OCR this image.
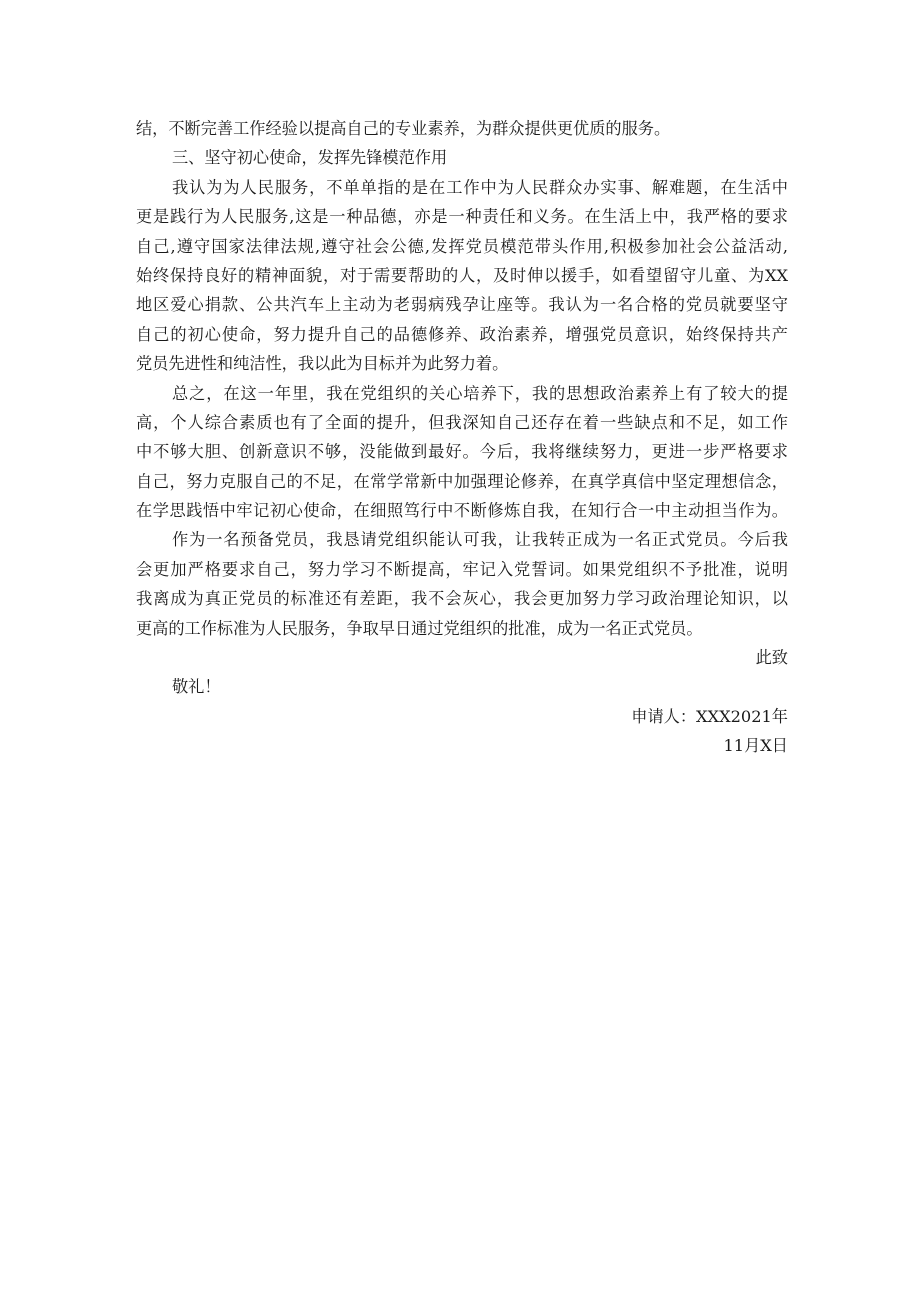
结，不断完善工作经验以提高自己的专业素养，为群众提供更优质的服务。
三、坚守初心使命，发挥先锋模范作用
我认为为人民服务，不单单指的是在工作中为人民群众办实事、解难题，在生活中
更是践行为人民服务,这是一种品德，亦是一种责任和义务。在生活上中，我严格的要求
自己,遵守国家法律法规,遵守社会公德,发挥党员模范带头作用,积极参加社会公益活动,
始终保持良好的精神面貌，对于需要帮助的人，及时伸以援手，如看望留守儿童、为XX
地区爱心捐款、公共汽车上主动为老弱病残孕让座等。我认为一名合格的党员就要坚守
自己的初心使命，努力提升自己的品德修养、政治素养，增强党员意识，始终保持共产
党员先进性和纯洁性，我以此为目标并为此努力着。
总之，在这一年里，我在党组织的关心培养下，我的思想政治素养上有了较大的提
高，个人综合素质也有了全面的提升，但我深知自己还存在着一些缺点和不足，如工作
中不够大胆、创新意识不够，没能做到最好。今后，我将继续努力，更进一步严格要求
自己，努力克服自己的不足，在常学常新中加强理论修养，在真学真信中坚定理想信念，
在学思践悟中牢记初心使命，在细照笃行中不断修炼自我，在知行合一中主动担当作为。
作为一名预备党员，我恳请党组织能认可我，让我转正成为一名正式党员。今后我
会更加严格要求自己，努力学习不断提高，牢记入党誓词。如果党组织不予批准，说明
我离成为真正党员的标准还有差距，我不会灰心，我会更加努力学习政治理论知识，以
更高的工作标准为人民服务，争取早日通过党组织的批准，成为一名正式党员。
此致
敬礼！
申请人：XXX2021年
11月X日
